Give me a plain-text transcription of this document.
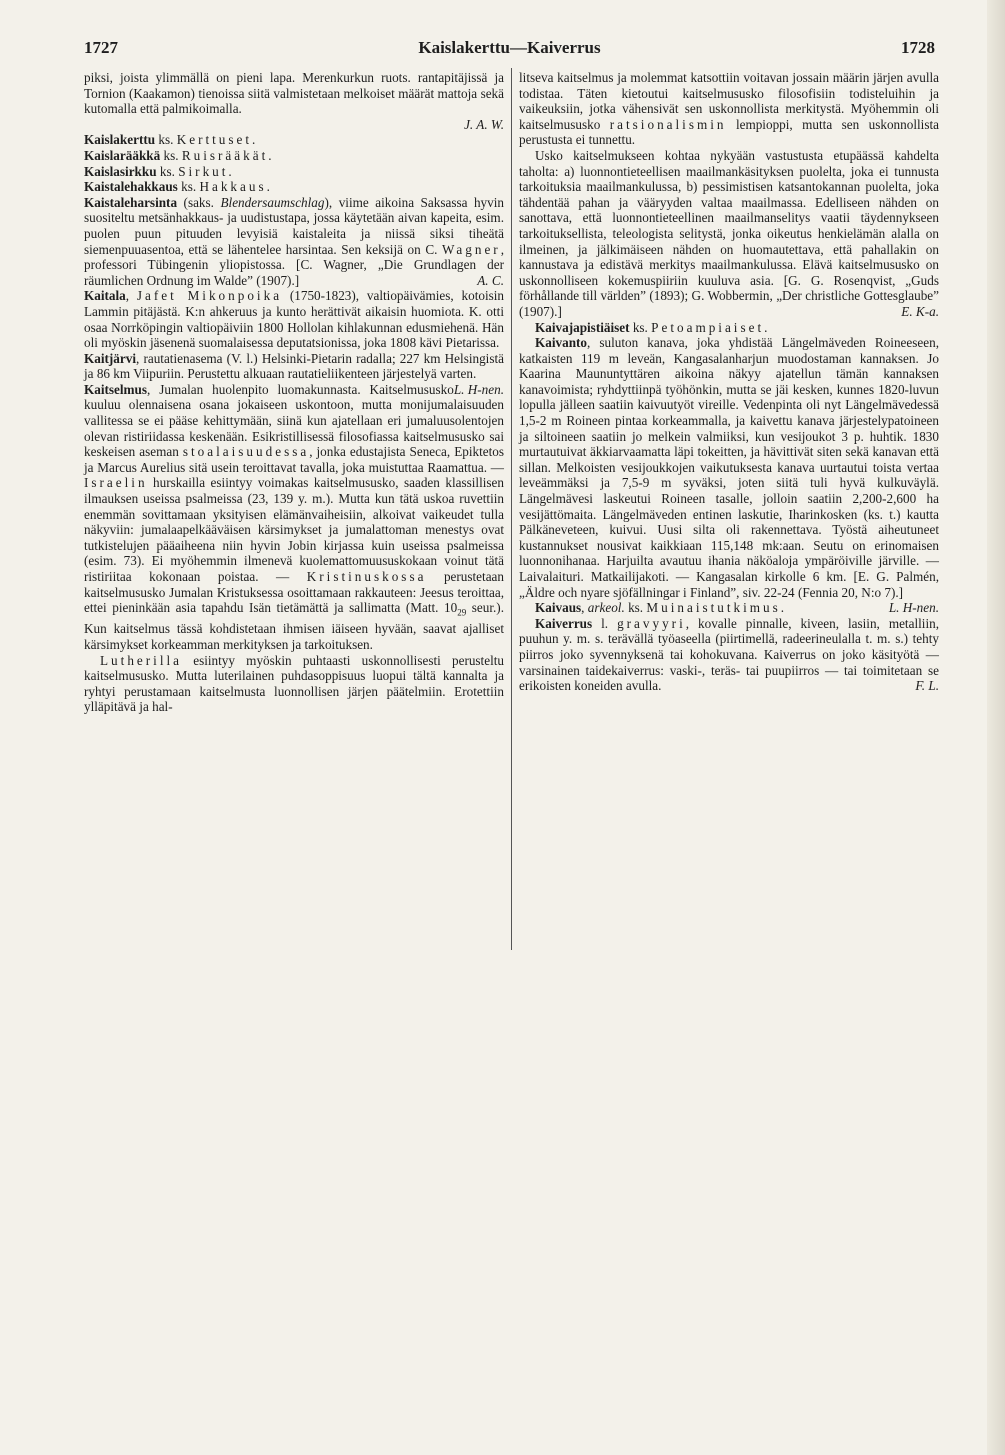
1727	Kaislakerttu—Kaiverrus	1728

piksi, joista ylimmällä on pieni lapa. Merenkurkun ruots. rantapitäjissä ja Tornion (Kaakamon) tienoissa siitä valmistetaan melkoiset määrät mattoja sekä kutomalla että palmikoimalla.

J. A. W.

Kaislakerttu ks. Kerttuset.

Kaislarääkkä ks. Ruisrääkät.

Kaislasirkku ks. Sirkut.

Kaistalehakkaus ks. Hakkaus.

Kaistaleharsinta (saks. Blendersaumschlag), viime aikoina Saksassa hyvin suositeltu metsänhakkaus- ja uudistustapa, jossa käytetään aivan kapeita, esim. puolen puun pituuden levyisiä kaistaleita ja niissä siksi tiheätä siemenpuuasentoa, että se lähentelee harsintaa. Sen keksijä on C. Wagner, professori Tübingenin yliopistossa. [C. Wagner, „Die Grundlagen der räumlichen Ordnung im Walde” (1907).]	A. C.

Kaitala, Jafet Mikonpoika (1750-1823), valtiopäivämies, kotoisin Lammin pitäjästä. K:n ahkeruus ja kunto herättivät aikaisin huomiota. K. otti osaa Norrköpingin valtiopäiviin 1800 Hollolan kihlakunnan edusmiehenä. Hän oli myöskin jäsenenä suomalaisessa deputatsionissa, joka 1808 kävi Pietarissa.

Kaitjärvi, rautatienasema (V. l.) Helsinki-Pietarin radalla; 227 km Helsingistä ja 86 km Viipuriin. Perustettu alkuaan rautatieliikenteen järjestelyä varten.
L. H-nen.

Kaitselmus, Jumalan huolenpito luomakunnasta. Kaitselmususko kuuluu olennaisena osana jokaiseen uskontoon, mutta monijumalaisuuden vallitessa se ei pääse kehittymään, siinä kun ajatellaan eri jumaluusolentojen olevan ristiriidassa keskenään. Esikristillisessä filosofiassa kaitselmususko sai keskeisen aseman stoalaisuudessa, jonka edustajista Seneca, Epiktetos ja Marcus Aurelius sitä usein teroittavat tavalla, joka muistuttaa Raamattua. — Israelin hurskailla esiintyy voimakas kaitselmususko, saaden klassillisen ilmauksen useissa psalmeissa (23, 139 y. m.). Mutta kun tätä uskoa ruvettiin enemmän sovittamaan yksityisen elämänvaiheisiin, alkoivat vaikeudet tulla näkyviin: jumalaapelkääväisen kärsimykset ja jumalattoman menestys ovat tutkistelujen pääaiheena niin hyvin Jobin kirjassa kuin useissa psalmeissa (esim. 73). Ei myöhemmin ilmenevä kuolemattomuususkokaan voinut tätä ristiriitaa kokonaan poistaa. — Kristinuskossa perustetaan kaitselmususko Jumalan Kristuksessa osoittamaan rakkauteen: Jeesus teroittaa, ettei pieninkään asia tapahdu Isän tietämättä ja sallimatta (Matt. $10_{29}$ seur.). Kun kaitselmus tässä kohdistetaan ihmisen iäiseen hyvään, saavat ajalliset kärsimykset korkeamman merkityksen ja tarkoituksen.

Lutherilla esiintyy myöskin puhtaasti uskonnollisesti perusteltu kaitselmususko. Mutta luterilainen puhdasoppisuus luopui tältä kannalta ja ryhtyi perustamaan kaitselmusta luonnollisen järjen päätelmiin. Erotettiin ylläpitävä ja hal-

litseva kaitselmus ja molemmat katsottiin voitavan jossain määrin järjen avulla todistaa. Täten kietoutui kaitselmususko filosofisiin todisteluihin ja vaikeuksiin, jotka vähensivät sen uskonnollista merkitystä. Myöhemmin oli kaitselmususko ratsionalismin lempioppi, mutta sen uskonnollista perustusta ei tunnettu.

Usko kaitselmukseen kohtaa nykyään vastustusta etupäässä kahdelta taholta: a) luonnontieteellisen maailmankäsityksen puolelta, joka ei tunnusta tarkoituksia maailmankulussa, b) pessimistisen katsantokannan puolelta, joka tähdentää pahan ja vääryyden valtaa maailmassa. Edelliseen nähden on sanottava, että luonnontieteellinen maailmanselitys vaatii täydennykseen tarkoituksellista, teleologista selitystä, jonka oikeutus henkielämän alalla on ilmeinen, ja jälkimäiseen nähden on huomautettava, että pahallakin on kannustava ja edistävä merkitys maailmankulussa. Elävä kaitselmususko on uskonnolliseen kokemuspiiriin kuuluva asia. [G. G. Rosenqvist, „Guds förhållande till världen” (1893); G. Wobbermin, „Der christliche Gottesglaube” (1907).]	E. K-a.

Kaivajapistiäiset ks. Petoampiaiset.

Kaivanto, suluton kanava, joka yhdistää Längelmäveden Roineeseen, katkaisten 119 m leveän, Kangasalanharjun muodostaman kannaksen. Jo Kaarina Maununtyttären aikoina näkyy ajatellun tämän kannaksen kanavoimista; ryhdyttiinpä työhönkin, mutta se jäi kesken, kunnes 1820-luvun lopulla jälleen saatiin kaivuutyöt vireille. Vedenpinta oli nyt Längelmävedessä 1,5-2 m Roineen pintaa korkeammalla, ja kaivettu kanava järjestelypatoineen ja siltoineen saatiin jo melkein valmiiksi, kun vesijoukot 3 p. huhtik. 1830 murtautuivat äkkiarvaamatta läpi tokeitten, ja hävittivät siten sekä kanavan että sillan. Melkoisten vesijoukkojen vaikutuksesta kanava uurtautui toista vertaa leveämmäksi ja 7,5-9 m syväksi, joten siitä tuli hyvä kulkuväylä. Längelmävesi laskeutui Roineen tasalle, jolloin saatiin 2,200-2,600 ha vesijättömaita. Längelmäveden entinen laskutie, Iharinkosken (ks. t.) kautta Pälkäneveteen, kuivui. Uusi silta oli rakennettava. Työstä aiheutuneet kustannukset nousivat kaikkiaan 115,148 mk:aan. Seutu on erinomaisen luonnonihanaa. Harjuilta avautuu ihania näköaloja ympäröiville järville. — Laivalaituri. Matkailijakoti. — Kangasalan kirkolle 6 km. [E. G. Palmén, „Äldre och nyare sjöfällningar i Finland”, siv. 22-24 (Fennia 20, N:o 7).]
L. H-nen.

Kaivaus, arkeol. ks. Muinaistutkimus.

Kaiverrus l. gravyyri, kovalle pinnalle, kiveen, lasiin, metalliin, puuhun y. m. s. terävällä työaseella (piirtimellä, radeerineulalla t. m. s.) tehty piirros joko syvennyksenä tai kohokuvana. Kaiverrus on joko käsityötä — varsinainen taidekaiverrus: vaski-, teräs- tai puupiirros — tai toimitetaan se erikoisten koneiden avulla.	F. L.
